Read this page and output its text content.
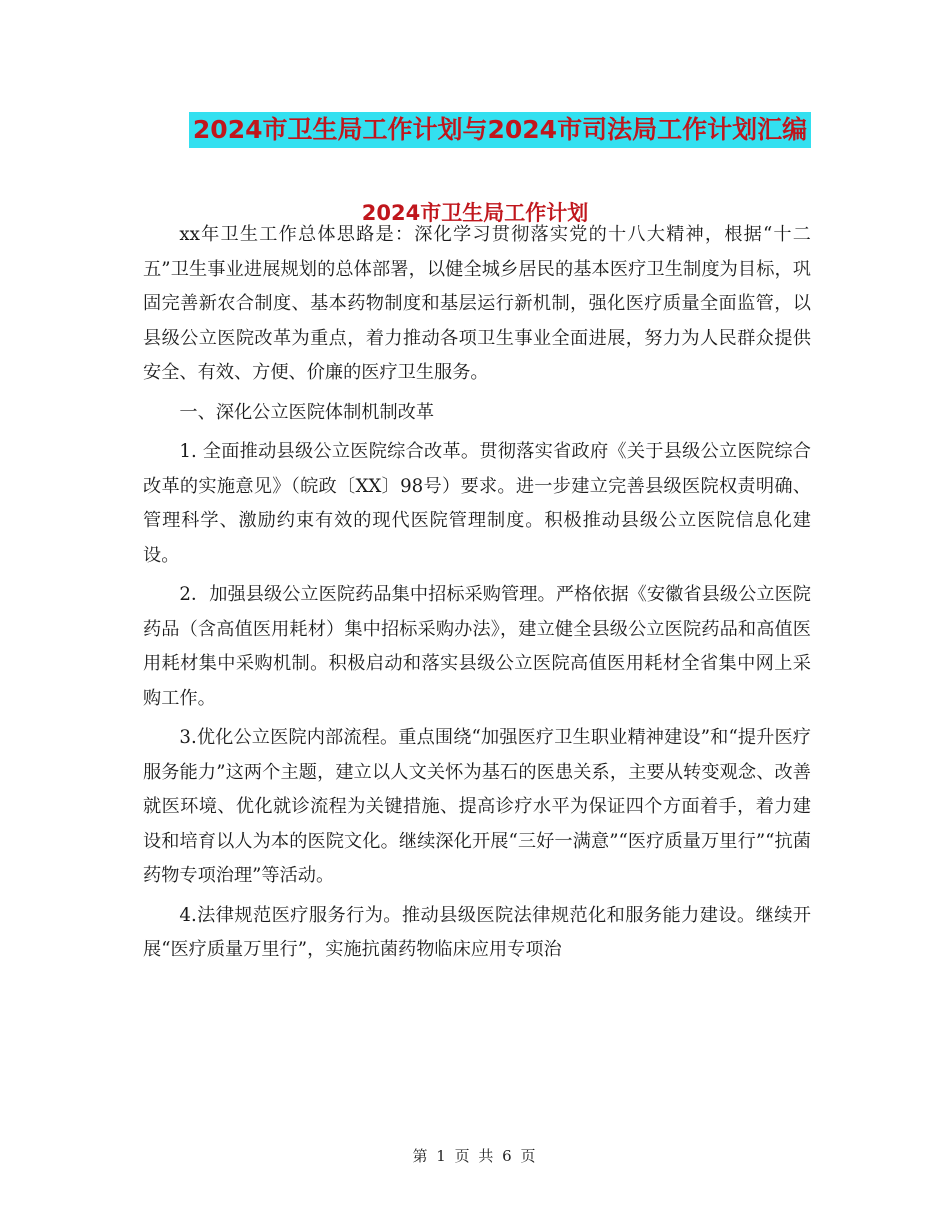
2024市卫生局工作计划与2024市司法局工作计划汇编
2024市卫生局工作计划

xx年卫生工作总体思路是：深化学习贯彻落实党的十八大精神，根据“十二五”卫生事业进展规划的总体部署，以健全城乡居民的基本医疗卫生制度为目标，巩固完善新农合制度、基本药物制度和基层运行新机制，强化医疗质量全面监管，以县级公立医院改革为重点，着力推动各项卫生事业全面进展，努力为人民群众提供安全、有效、方便、价廉的医疗卫生服务。

一、深化公立医院体制机制改革

1. 全面推动县级公立医院综合改革。贯彻落实省政府《关于县级公立医院综合改革的实施意见》（皖政〔XX〕98号）要求。进一步建立完善县级医院权责明确、管理科学、激励约束有效的现代医院管理制度。积极推动县级公立医院信息化建设。

2．加强县级公立医院药品集中招标采购管理。严格依据《安徽省县级公立医院药品（含高值医用耗材）集中招标采购办法》，建立健全县级公立医院药品和高值医用耗材集中采购机制。积极启动和落实县级公立医院高值医用耗材全省集中网上采购工作。

3.优化公立医院内部流程。重点围绕“加强医疗卫生职业精神建设”和“提升医疗服务能力”这两个主题，建立以人文关怀为基石的医患关系，主要从转变观念、改善就医环境、优化就诊流程为关键措施、提高诊疗水平为保证四个方面着手，着力建设和培育以人为本的医院文化。继续深化开展“三好一满意”“医疗质量万里行”“抗菌药物专项治理”等活动。

4.法律规范医疗服务行为。推动县级医院法律规范化和服务能力建设。继续开展“医疗质量万里行”，实施抗菌药物临床应用专项治

第 1 页 共 6 页
